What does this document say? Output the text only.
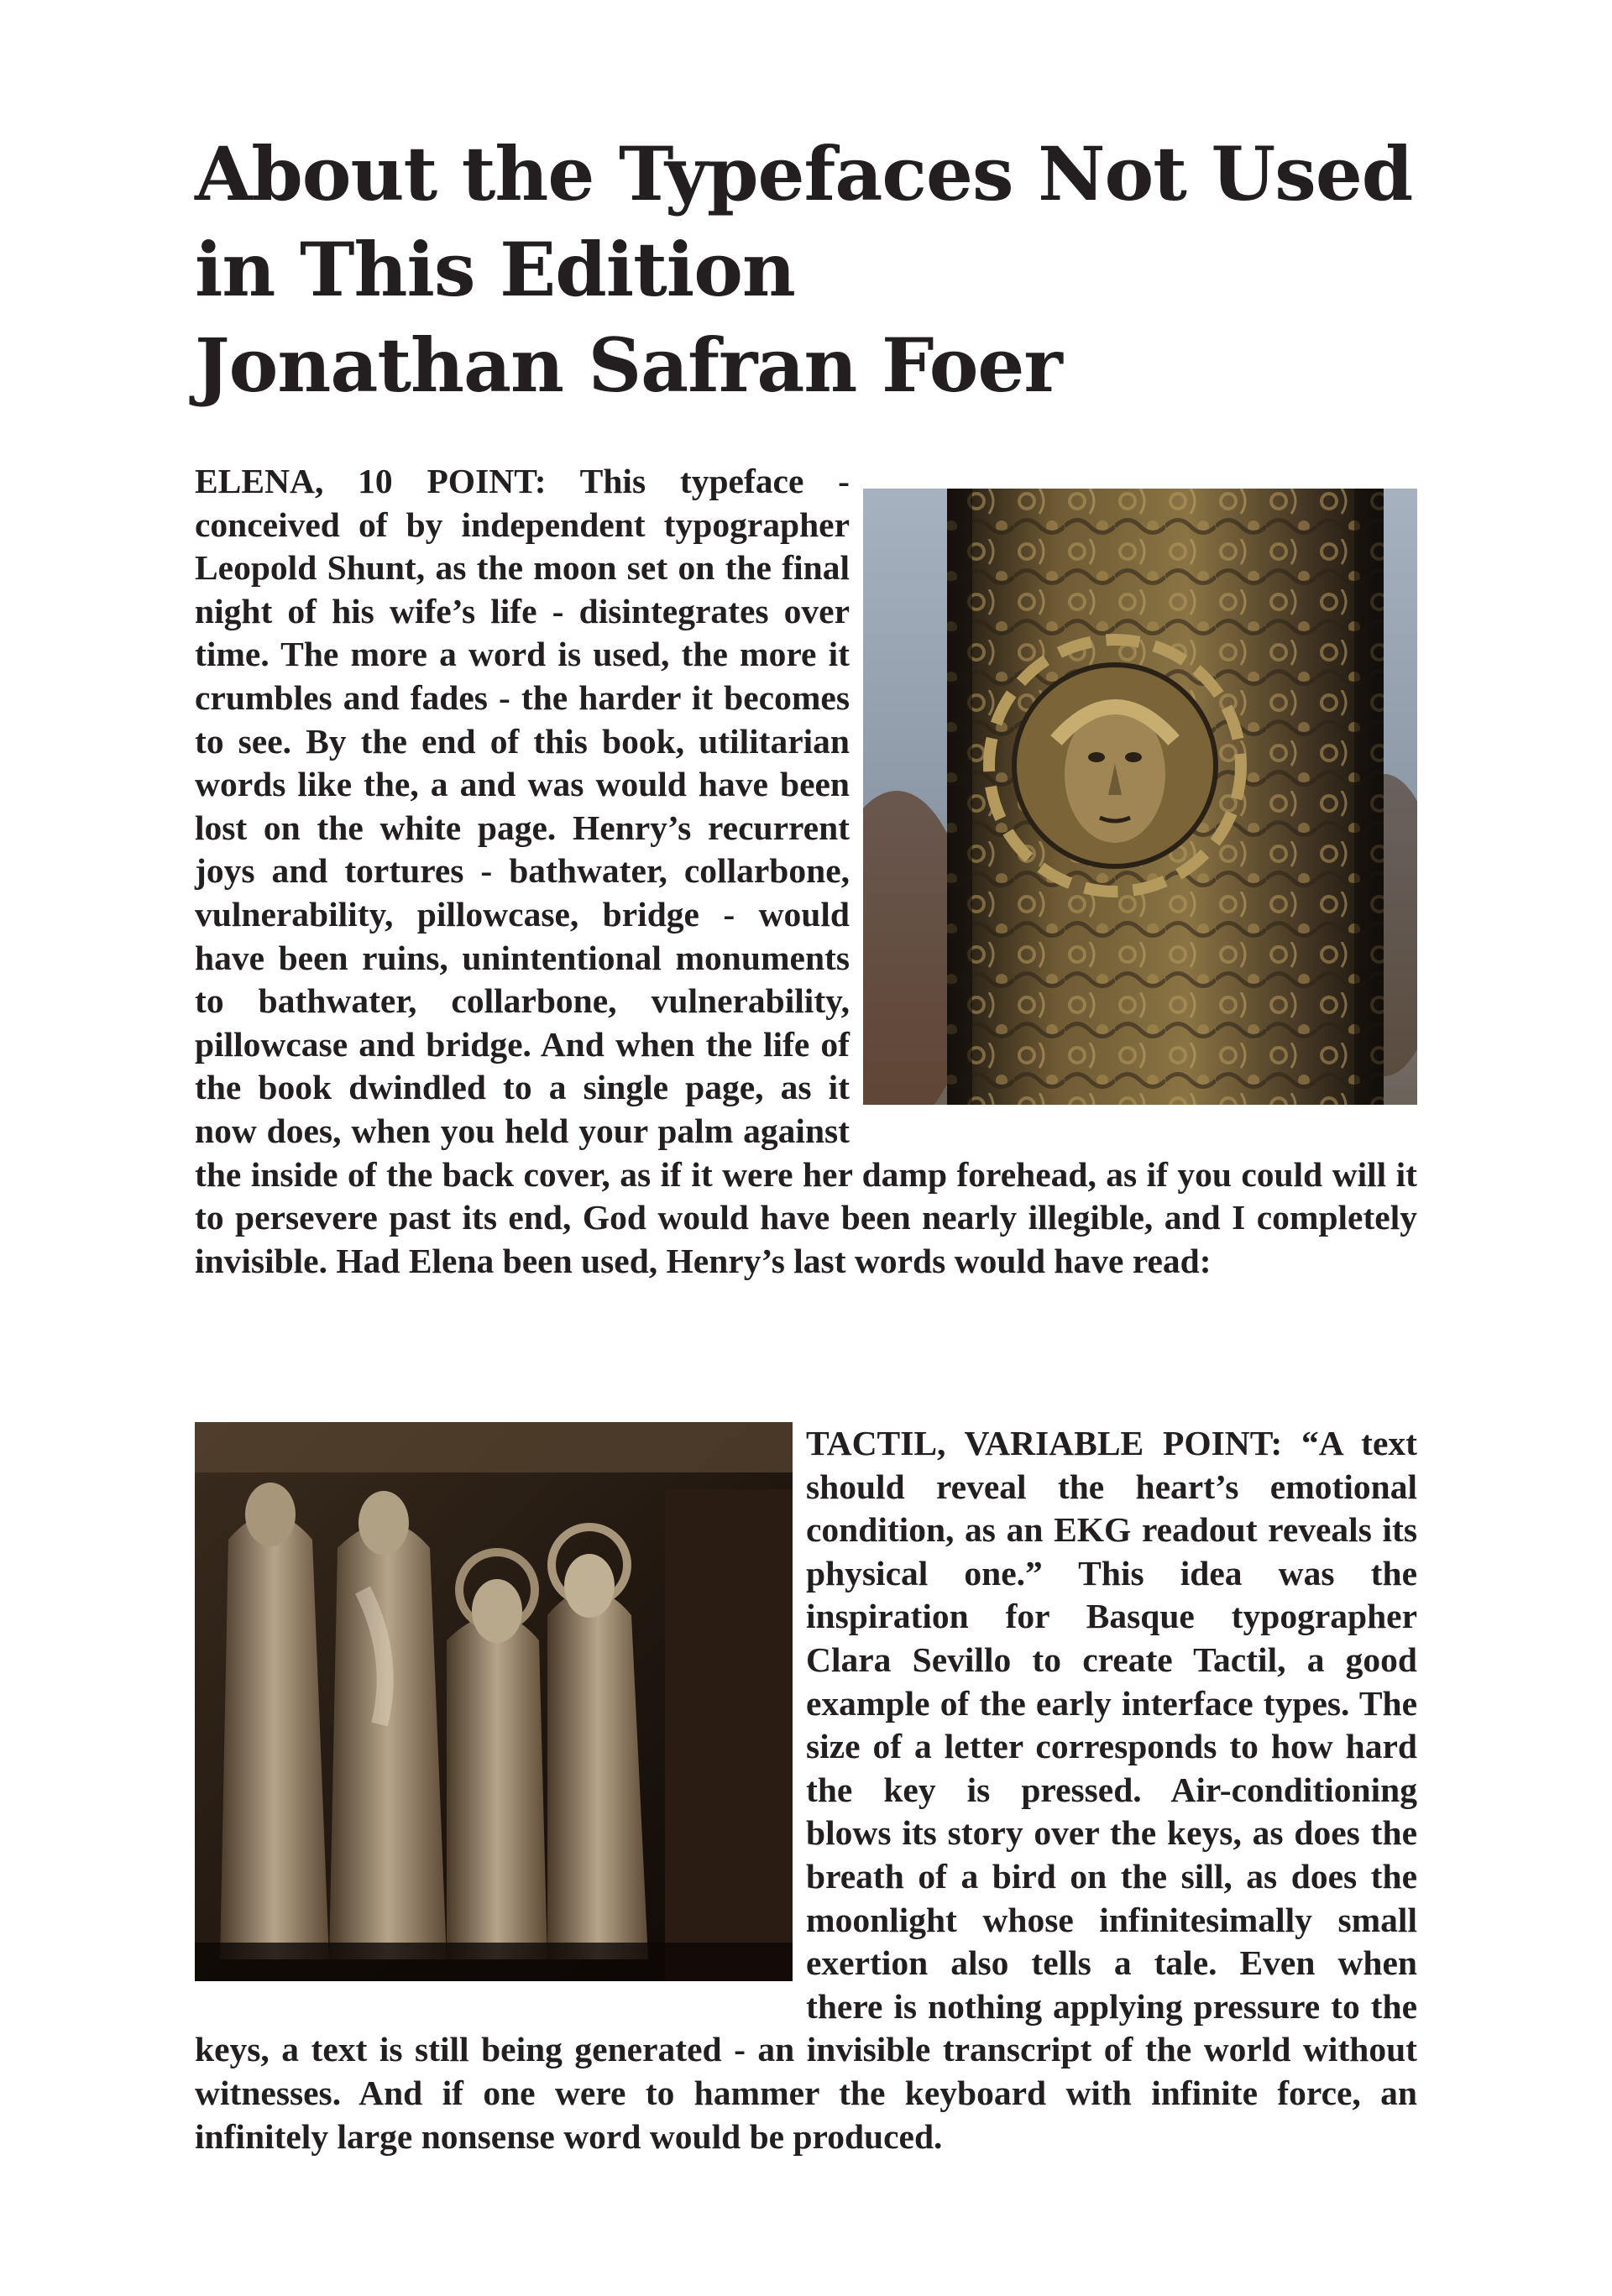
About the Typefaces Not Used
in This Edition
Jonathan Safran Foer
ELENA, 10 POINT: This typeface - conceived of by independent typographer Leopold Shunt, as the moon set on the final night of his wife’s life - disintegrates over time. The more a word is used, the more it crumbles and fades - the harder it becomes to see. By the end of this book, utilitarian words like the, a and was would have been lost on the white page. Henry’s recurrent joys and tortures - bathwater, collarbone, vulnerability, pillowcase, bridge - would have been ruins, unintentional monuments to bathwater, collarbone, vulnerability, pillowcase and bridge. And when the life of the book dwindled to a single page, as it now does, when you held your palm against the inside of the back cover, as if it were her damp forehead, as if you could will it to persevere past its end, God would have been nearly illegible, and I completely invisible. Had Elena been used, Henry’s last words would have read:
TACTIL, VARIABLE POINT: “A text should reveal the heart’s emotional condition, as an EKG readout reveals its physical one.” This idea was the inspiration for Basque typographer Clara Sevillo to create Tactil, a good example of the early interface types. The size of a letter corresponds to how hard the key is pressed. Air-conditioning blows its story over the keys, as does the breath of a bird on the sill, as does the moonlight whose infinitesimally small exertion also tells a tale. Even when there is nothing applying pressure to the keys, a text is still being generated - an invisible transcript of the world without witnesses. And if one were to hammer the keyboard with infinite force, an infinitely large nonsense word would be produced.
